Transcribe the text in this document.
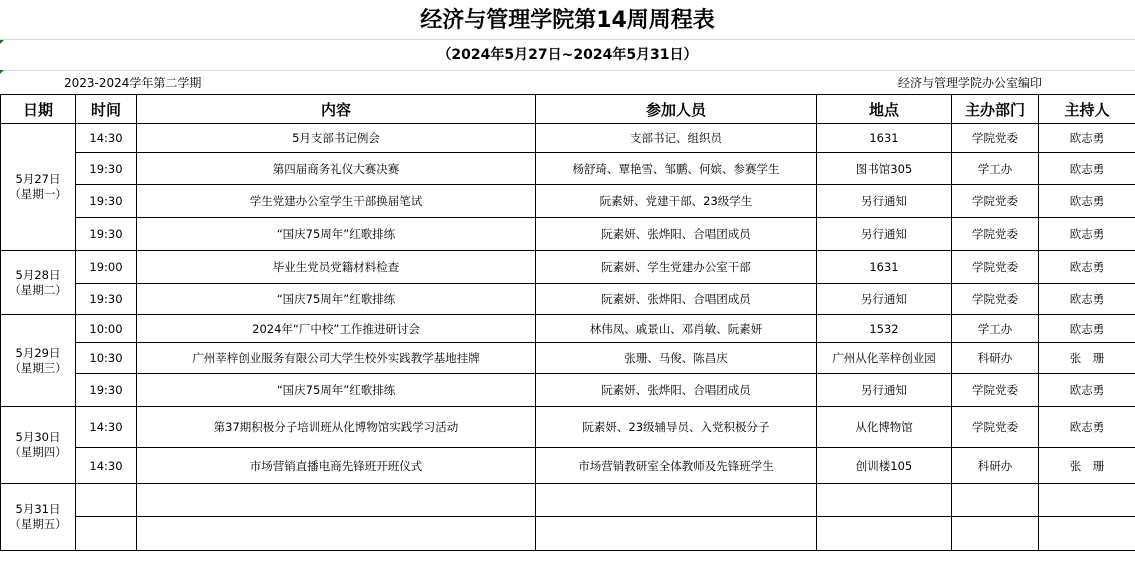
经济与管理学院第14周周程表
（2024年5月27日~2024年5月31日）
2023-2024学年第二学期	经济与管理学院办公室编印
日期	时间	内容	参加人员	地点	主办部门	主持人

5月27日
（星期一）	14:30	5月支部书记例会	支部书记、组织员	1631	学院党委	欧志勇
	19:30	第四届商务礼仪大赛决赛	杨舒琦、覃艳雪、邹鹏、何嫔、参赛学生	图书馆305	学工办	欧志勇
	19:30	学生党建办公室学生干部换届笔试	阮素妍、党建干部、23级学生	另行通知	学院党委	欧志勇
	19:30	“国庆75周年”红歌排练	阮素妍、张烨阳、合唱团成员	另行通知	学院党委	欧志勇

5月28日
（星期二）	19:00	毕业生党员党籍材料检查	阮素妍、学生党建办公室干部	1631	学院党委	欧志勇
	19:30	“国庆75周年”红歌排练	阮素妍、张烨阳、合唱团成员	另行通知	学院党委	欧志勇

5月29日
（星期三）	10:00	2024年“厂中校”工作推进研讨会	林伟凤、戚景山、邓肖敏、阮素妍	1532	学工办	欧志勇
	10:30	广州莘梓创业服务有限公司大学生校外实践教学基地挂牌	张珊、马俊、陈昌庆	广州从化莘梓创业园	科研办	张　珊
	19:30	“国庆75周年”红歌排练	阮素妍、张烨阳、合唱团成员	另行通知	学院党委	欧志勇

5月30日
（星期四）	14:30	第37期积极分子培训班从化博物馆实践学习活动	阮素妍、23级辅导员、入党积极分子	从化博物馆	学院党委	欧志勇
	14:30	市场营销直播电商先锋班开班仪式	市场营销教研室全体教师及先锋班学生	创训楼105	科研办	张　珊

5月31日
（星期五）						
